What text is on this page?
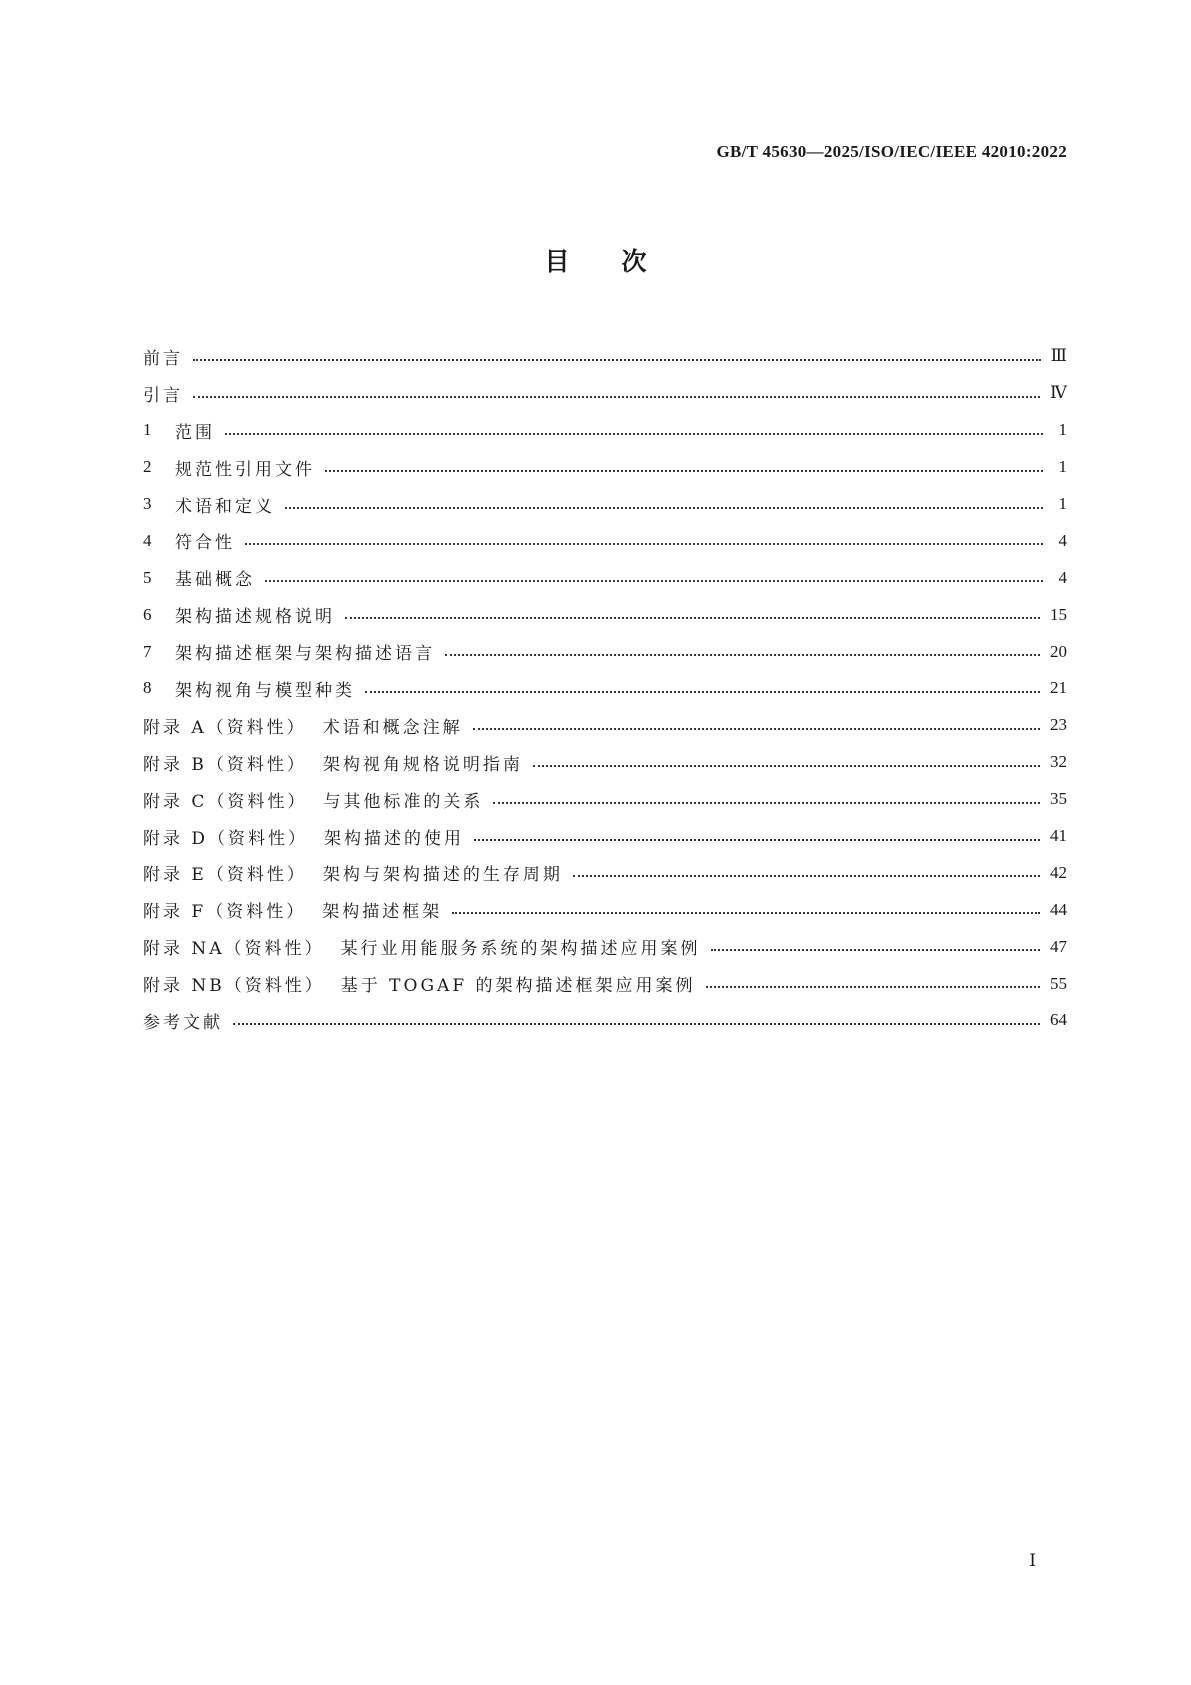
GB/T 45630—2025/ISO/IEC/IEEE 42010:2022
目次
前言	Ⅲ
引言	Ⅳ
1	范围	1
2	规范性引用文件	1
3	术语和定义	1
4	符合性	4
5	基础概念	4
6	架构描述规格说明	15
7	架构描述框架与架构描述语言	20
8	架构视角与模型种类	21
附录 A（资料性） 术语和概念注解	23
附录 B（资料性） 架构视角规格说明指南	32
附录 C（资料性） 与其他标准的关系	35
附录 D（资料性） 架构描述的使用	41
附录 E（资料性） 架构与架构描述的生存周期	42
附录 F（资料性） 架构描述框架	44
附录 NA（资料性） 某行业用能服务系统的架构描述应用案例	47
附录 NB（资料性） 基于 TOGAF 的架构描述框架应用案例	55
参考文献	64
Ⅰ
